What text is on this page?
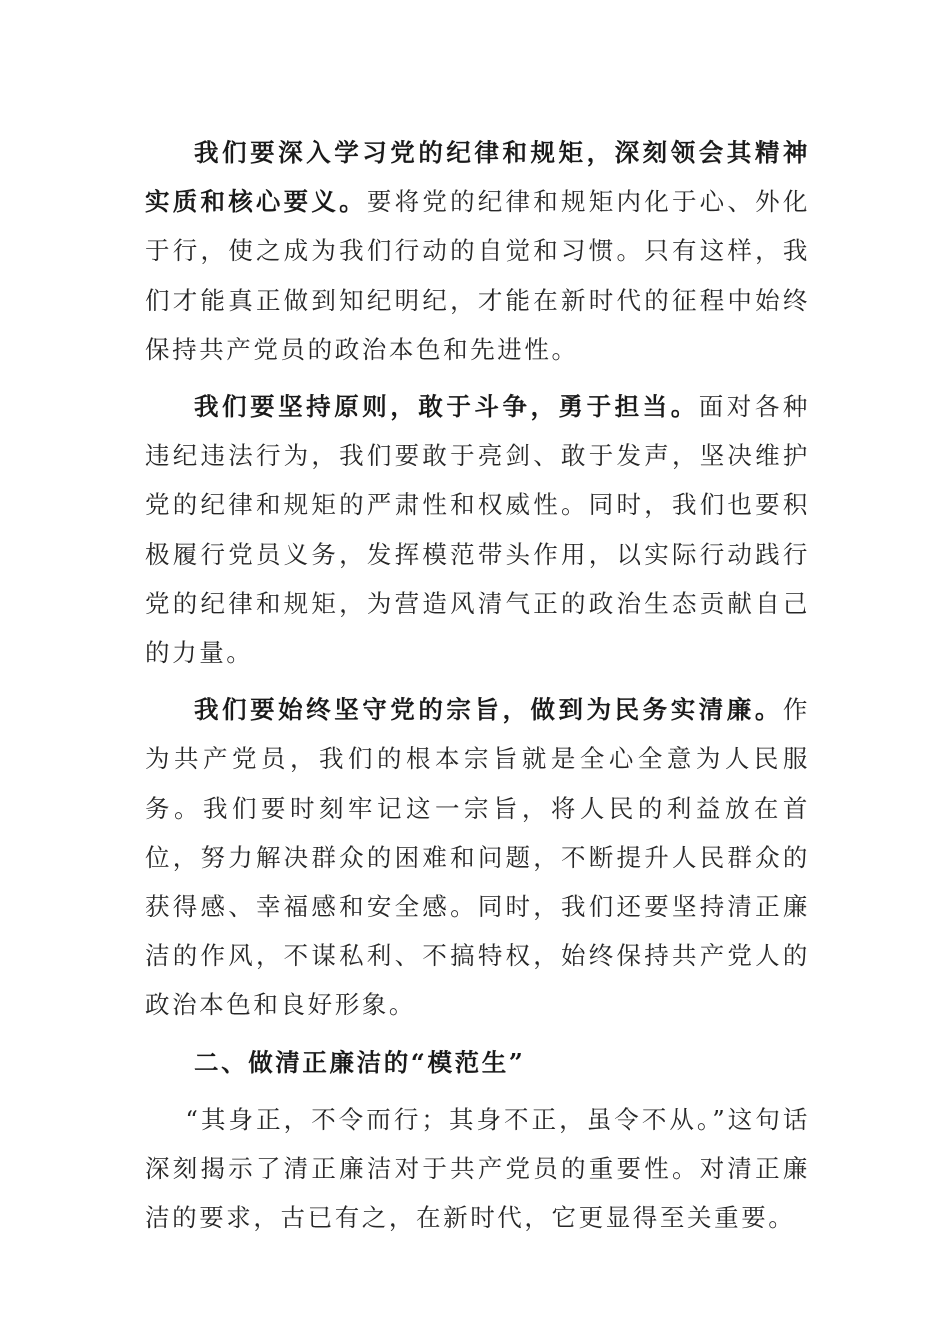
我们要深入学习党的纪律和规矩，深刻领会其精神实质和核心要义。要将党的纪律和规矩内化于心、外化于行，使之成为我们行动的自觉和习惯。只有这样，我们才能真正做到知纪明纪，才能在新时代的征程中始终保持共产党员的政治本色和先进性。

我们要坚持原则，敢于斗争，勇于担当。面对各种违纪违法行为，我们要敢于亮剑、敢于发声，坚决维护党的纪律和规矩的严肃性和权威性。同时，我们也要积极履行党员义务，发挥模范带头作用，以实际行动践行党的纪律和规矩，为营造风清气正的政治生态贡献自己的力量。

我们要始终坚守党的宗旨，做到为民务实清廉。作为共产党员，我们的根本宗旨就是全心全意为人民服务。我们要时刻牢记这一宗旨，将人民的利益放在首位，努力解决群众的困难和问题，不断提升人民群众的获得感、幸福感和安全感。同时，我们还要坚持清正廉洁的作风，不谋私利、不搞特权，始终保持共产党人的政治本色和良好形象。

二、做清正廉洁的“模范生”

“其身正，不令而行；其身不正，虽令不从。”这句话深刻揭示了清正廉洁对于共产党员的重要性。对清正廉洁的要求，古已有之，在新时代，它更显得至关重要。
